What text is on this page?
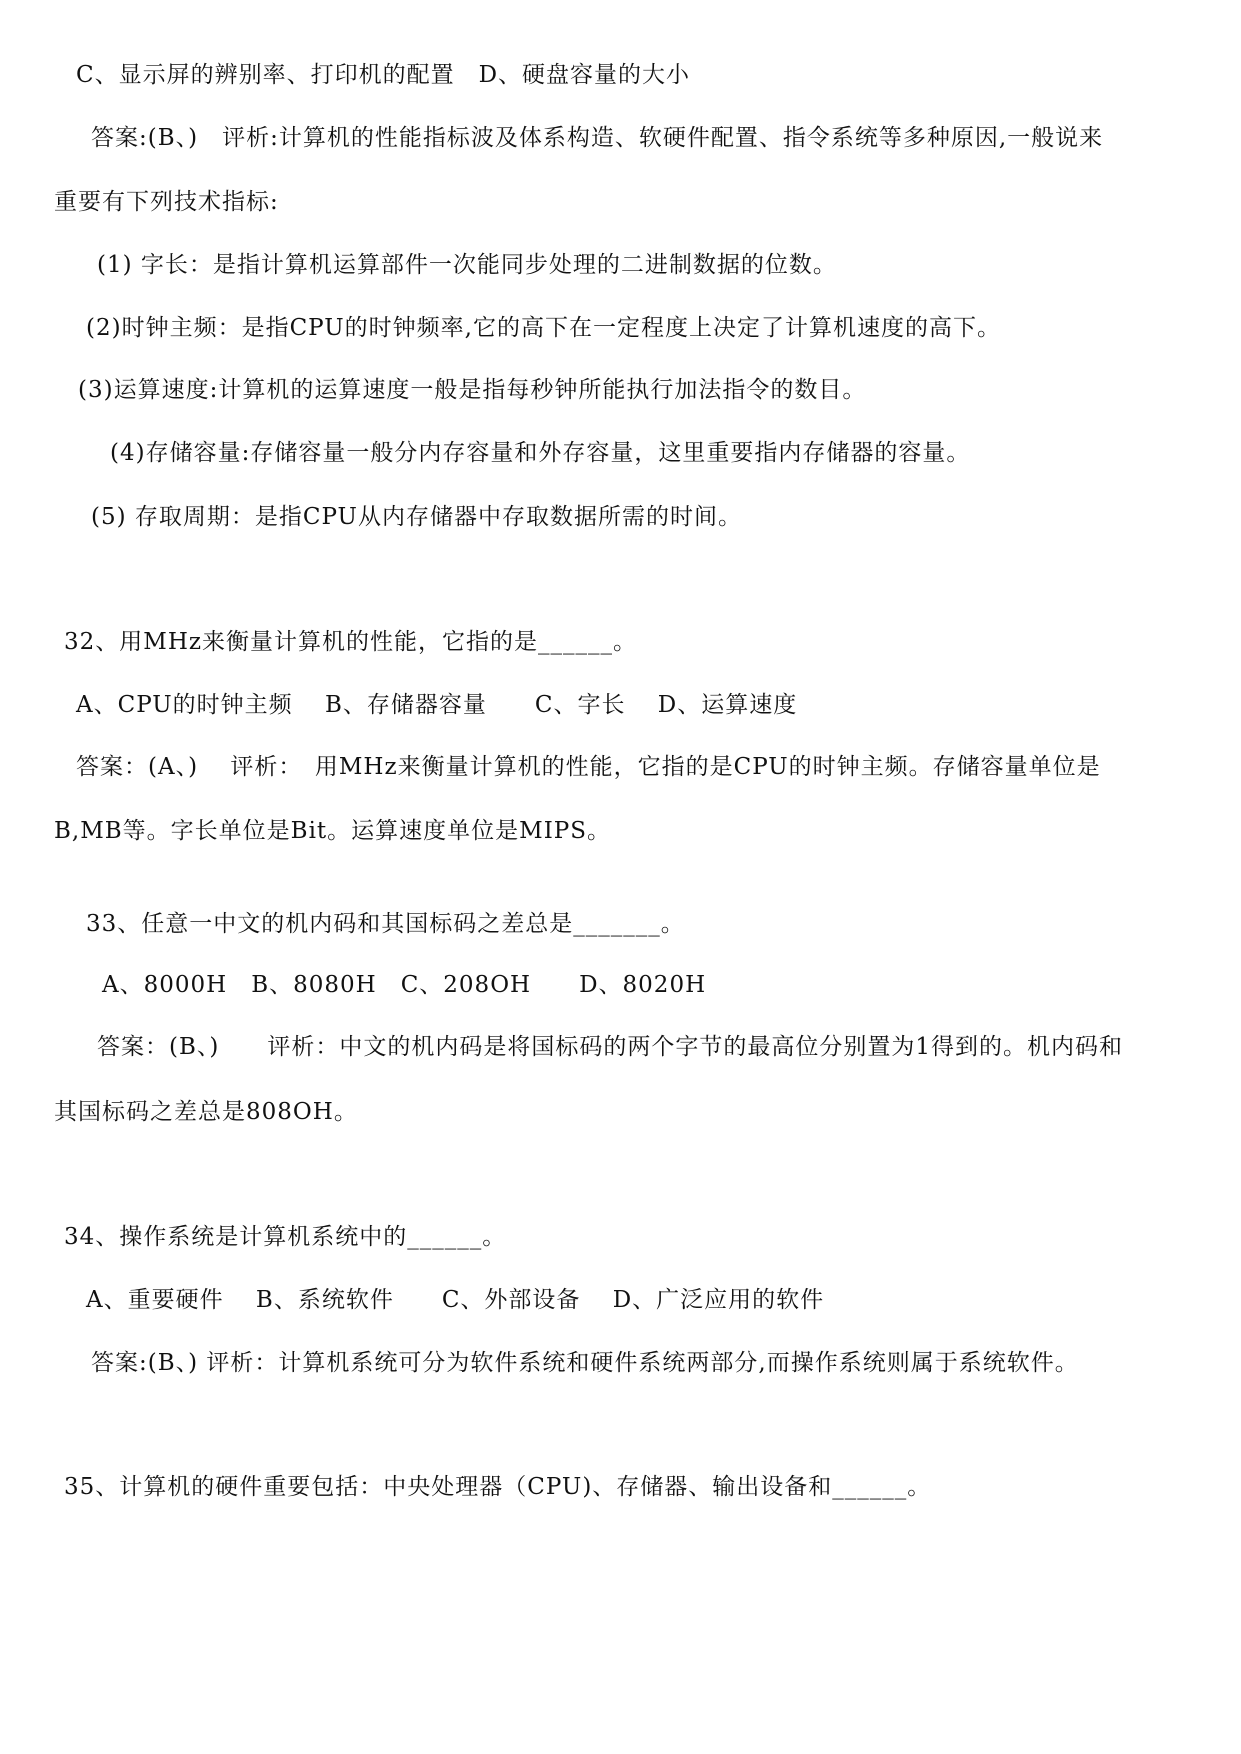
C、显示屏的辨别率、打印机的配置　D、硬盘容量的大小
答案:(B、)　评析:计算机的性能指标波及体系构造、软硬件配置、指令系统等多种原因,一般说来
重要有下列技术指标:
(1) 字长：是指计算机运算部件一次能同步处理的二进制数据的位数。
(2)时钟主频：是指CPU的时钟频率,它的高下在一定程度上决定了计算机速度的高下。
(3)运算速度:计算机的运算速度一般是指每秒钟所能执行加法指令的数目。
(4)存储容量:存储容量一般分内存容量和外存容量，这里重要指内存储器的容量。
(5) 存取周期：是指CPU从内存储器中存取数据所需的时间。
32、用MHz来衡量计算机的性能，它指的是______。
A、CPU的时钟主频　 B、存储器容量　　C、字长　 D、运算速度
答案：(A、)　 评析：　用MHz来衡量计算机的性能，它指的是CPU的时钟主频。存储容量单位是
B,MB等。字长单位是Bit。运算速度单位是MIPS。
33、任意一中文的机内码和其国标码之差总是_______。
A、8000H　B、8080H　C、208OH　　D、8020H
答案：(B、)　　评析：中文的机内码是将国标码的两个字节的最高位分别置为1得到的。机内码和
其国标码之差总是808OH。
34、操作系统是计算机系统中的______。
A、重要硬件　 B、系统软件　　C、外部设备　 D、广泛应用的软件
答案:(B、) 评析：计算机系统可分为软件系统和硬件系统两部分,而操作系统则属于系统软件。
35、计算机的硬件重要包括：中央处理器（CPU)、存储器、输出设备和______。
